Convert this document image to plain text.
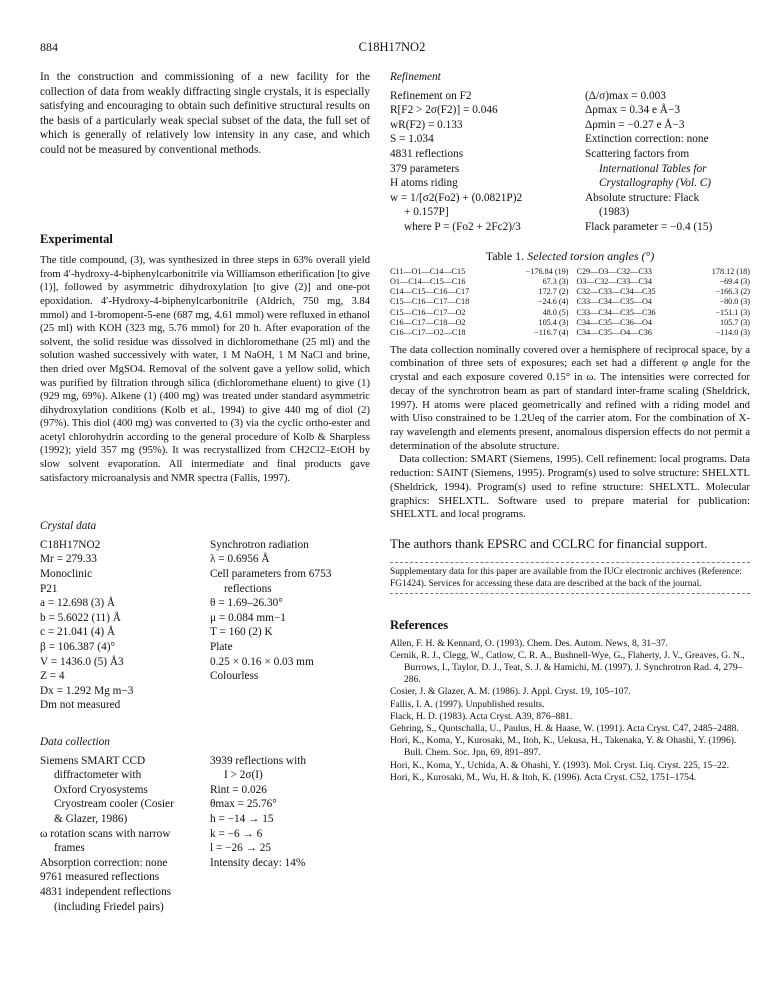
884	C18H17NO2

In the construction and commissioning of a new facility for the collection of data from weakly diffracting single crystals, it is especially satisfying and encouraging to obtain such definitive structural results on the basis of a particularly weak special subset of the data, the full set of which is generally of relatively low intensity in any case, and which could not be measured by conventional methods.

Experimental

The title compound, (3), was synthesized in three steps in 63% overall yield from 4′-hydroxy-4-biphenylcarbonitrile via Williamson etherification [to give (1)], followed by asymmetric dihydroxylation [to give (2)] and one-pot epoxidation. 4′-Hydroxy-4-biphenylcarbonitrile (Aldrich, 750 mg, 3.84 mmol) and 1-bromopent-5-ene (687 mg, 4.61 mmol) were refluxed in ethanol (25 ml) with KOH (323 mg, 5.76 mmol) for 20 h. After evaporation of the solvent, the solid residue was dissolved in dichloromethane (25 ml) and the solution washed successively with water, 1 M NaOH, 1 M NaCl and brine, then dried over MgSO4. Removal of the solvent gave a yellow solid, which was purified by filtration through silica (dichloromethane eluent) to give (1) (929 mg, 69%). Alkene (1) (400 mg) was treated under standard asymmetric dihydroxylation conditions (Kolb et al., 1994) to give 440 mg of diol (2) (97%). This diol (400 mg) was converted to (3) via the cyclic ortho-ester and acetyl chlorohydrin according to the general procedure of Kolb & Sharpless (1992); yield 357 mg (95%). It was recrystallized from CH2Cl2–EtOH by slow solvent evaporation. All intermediate and final products gave satisfactory microanalysis and NMR spectra (Fallis, 1997).

Crystal data

C18H17NO2
Mr = 279.33
Monoclinic
P21
a = 12.698 (3) Å
b = 5.6022 (11) Å
c = 21.041 (4) Å
β = 106.387 (4)°
V = 1436.0 (5) Å3
Z = 4
Dx = 1.292 Mg m−3
Dm not measured
Synchrotron radiation
λ = 0.6956 Å
Cell parameters from 6753
reflections
θ = 1.69–26.30°
μ = 0.084 mm−1
T = 160 (2) K
Plate
0.25 × 0.16 × 0.03 mm
Colourless

Data collection

Siemens SMART CCD
diffractometer with
Oxford Cryosystems
Cryostream cooler (Cosier
& Glazer, 1986)
ω rotation scans with narrow
frames
Absorption correction: none
9761 measured reflections
4831 independent reflections
(including Friedel pairs)
3939 reflections with
I > 2σ(I)
Rint = 0.026
θmax = 25.76°
h = −14 → 15
k = −6 → 6
l = −26 → 25
Intensity decay: 14%

Refinement

Refinement on F2
R[F2 > 2σ(F2)] = 0.046
wR(F2) = 0.133
S = 1.034
4831 reflections
379 parameters
H atoms riding
w = 1/[σ2(Fo2) + (0.0821P)2
+ 0.157P]
where P = (Fo2 + 2Fc2)/3
(Δ/σ)max = 0.003
Δρmax = 0.34 e Å−3
Δρmin = −0.27 e Å−3
Extinction correction: none
Scattering factors from
International Tables for
Crystallography (Vol. C)
Absolute structure: Flack
(1983)
Flack parameter = −0.4 (15)
Table 1. Selected torsion angles (°)
C11—O1—C14—C15	−176.84 (19)
O1—C14—C15—C16	67.3 (3)
C14—C15—C16—C17	172.7 (2)
C15—C16—C17—C18	−24.6 (4)
C15—C16—C17—O2	48.0 (5)
C16—C17—C18—O2	105.4 (3)
C16—C17—O2—C18	−116.7 (4)
C29—O3—C32—C33	178.12 (18)
O3—C32—C33—C34	−69.4 (3)
C32—C33—C34—C35	−166.3 (2)
C33—C34—C35—O4	−80.0 (3)
C33—C34—C35—C36	−151.1 (3)
C34—C35—C36—O4	105.7 (3)
C34—C35—O4—C36	−114.0 (3)

The data collection nominally covered over a hemisphere of reciprocal space, by a combination of three sets of exposures; each set had a different φ angle for the crystal and each exposure covered 0.15° in ω. The intensities were corrected for decay of the synchrotron beam as part of standard inter-frame scaling (Sheldrick, 1997). H atoms were placed geometrically and refined with a riding model and with Uiso constrained to be 1.2Ueq of the carrier atom. For the combination of X-ray wavelength and elements present, anomalous dispersion effects do not permit a determination of the absolute structure.

Data collection: SMART (Siemens, 1995). Cell refinement: local programs. Data reduction: SAINT (Siemens, 1995). Program(s) used to solve structure: SHELXTL (Sheldrick, 1994). Program(s) used to refine structure: SHELXTL. Molecular graphics: SHELXTL. Software used to prepare material for publication: SHELXTL and local programs.

The authors thank EPSRC and CCLRC for financial support.

Supplementary data for this paper are available from the IUCr electronic archives (Reference: FG1424). Services for accessing these data are described at the back of the journal.

References

Allen, F. H. & Kennard, O. (1993). Chem. Des. Autom. News, 8, 31–37.

Cernik, R. J., Clegg, W., Catlow, C. R. A., Bushnell-Wye, G., Flaherty, J. V., Greaves, G. N., Burrows, I., Taylor, D. J., Teat, S. J. & Hamichi, M. (1997). J. Synchrotron Rad. 4, 279–286.

Cosier, J. & Glazer, A. M. (1986). J. Appl. Cryst. 19, 105–107.

Fallis, I. A. (1997). Unpublished results.

Flack, H. D. (1983). Acta Cryst. A39, 876–881.

Gehring, S., Quotschalla, U., Paulus, H. & Haase, W. (1991). Acta Cryst. C47, 2485–2488.

Hori, K., Koma, Y., Kurosaki, M., Itoh, K., Uekusa, H., Takenaka, Y. & Ohashi, Y. (1996). Bull. Chem. Soc. Jpn, 69, 891–897.

Hori, K., Koma, Y., Uchida, A. & Ohashi, Y. (1993). Mol. Cryst. Liq. Cryst. 225, 15–22.

Hori, K., Kurosaki, M., Wu, H. & Itoh, K. (1996). Acta Cryst. C52, 1751–1754.
